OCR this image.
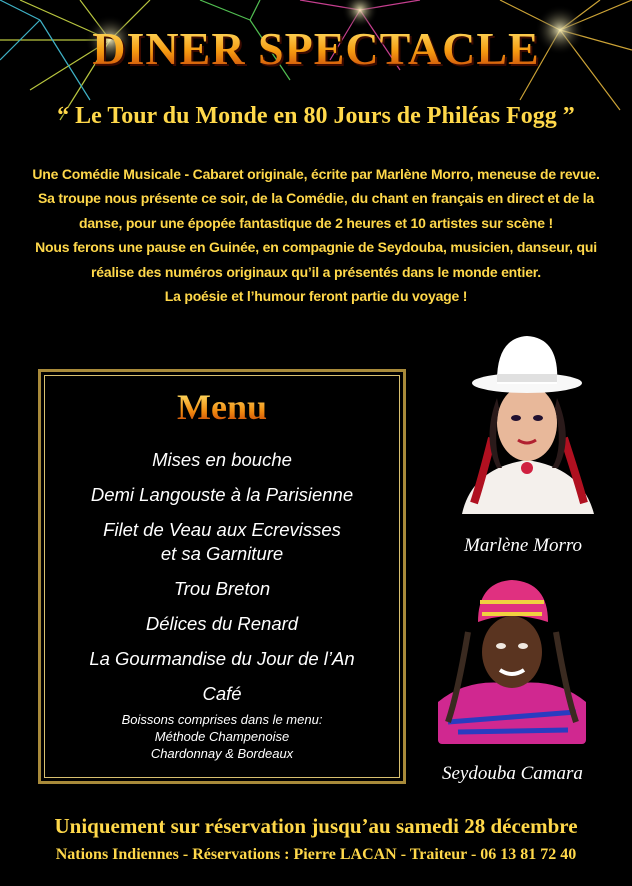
DINER SPECTACLE
“ Le Tour du Monde en 80 Jours de Philéas Fogg ”
Une Comédie Musicale - Cabaret originale, écrite par Marlène Morro, meneuse de revue.
Sa troupe nous présente ce soir, de la Comédie, du chant en français en direct et de la
danse, pour une épopée fantastique de 2 heures et 10 artistes sur scène !
Nous ferons une pause en Guinée, en compagnie de Seydouba, musicien, danseur, qui
réalise des numéros originaux qu’il a présentés dans le monde entier.
La poésie et l’humour feront partie du voyage !
Menu
Mises en bouche
Demi Langouste à la Parisienne
Filet de Veau aux Ecrevisses
et sa Garniture
Trou Breton
Délices du Renard
La Gourmandise du Jour de l’An
Café
Boissons comprises dans le menu:
Méthode Champenoise
Chardonnay & Bordeaux
Marlène Morro
Seydouba Camara
Uniquement sur réservation jusqu’au samedi 28 décembre
Nations Indiennes - Réservations : Pierre LACAN - Traiteur - 06 13 81 72 40
